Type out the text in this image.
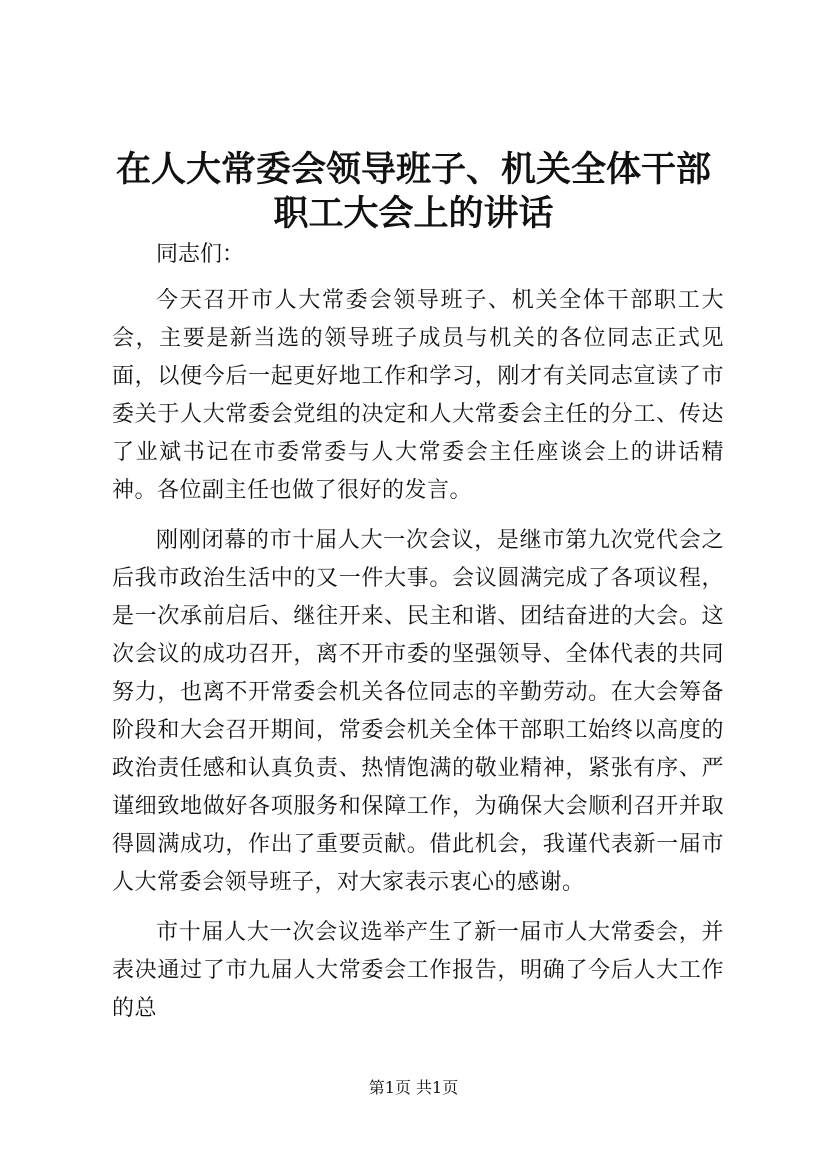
在人大常委会领导班子、机关全体干部职工大会上的讲话

同志们：

今天召开市人大常委会领导班子、机关全体干部职工大会，主要是新当选的领导班子成员与机关的各位同志正式见面，以便今后一起更好地工作和学习，刚才有关同志宣读了市委关于人大常委会党组的决定和人大常委会主任的分工、传达了业斌书记在市委常委与人大常委会主任座谈会上的讲话精神。各位副主任也做了很好的发言。

刚刚闭幕的市十届人大一次会议，是继市第九次党代会之后我市政治生活中的又一件大事。会议圆满完成了各项议程，是一次承前启后、继往开来、民主和谐、团结奋进的大会。这次会议的成功召开，离不开市委的坚强领导、全体代表的共同努力，也离不开常委会机关各位同志的辛勤劳动。在大会筹备阶段和大会召开期间，常委会机关全体干部职工始终以高度的政治责任感和认真负责、热情饱满的敬业精神，紧张有序、严谨细致地做好各项服务和保障工作，为确保大会顺利召开并取得圆满成功，作出了重要贡献。借此机会，我谨代表新一届市人大常委会领导班子，对大家表示衷心的感谢。

市十届人大一次会议选举产生了新一届市人大常委会，并表决通过了市九届人大常委会工作报告，明确了今后人大工作的总

第1页 共1页
